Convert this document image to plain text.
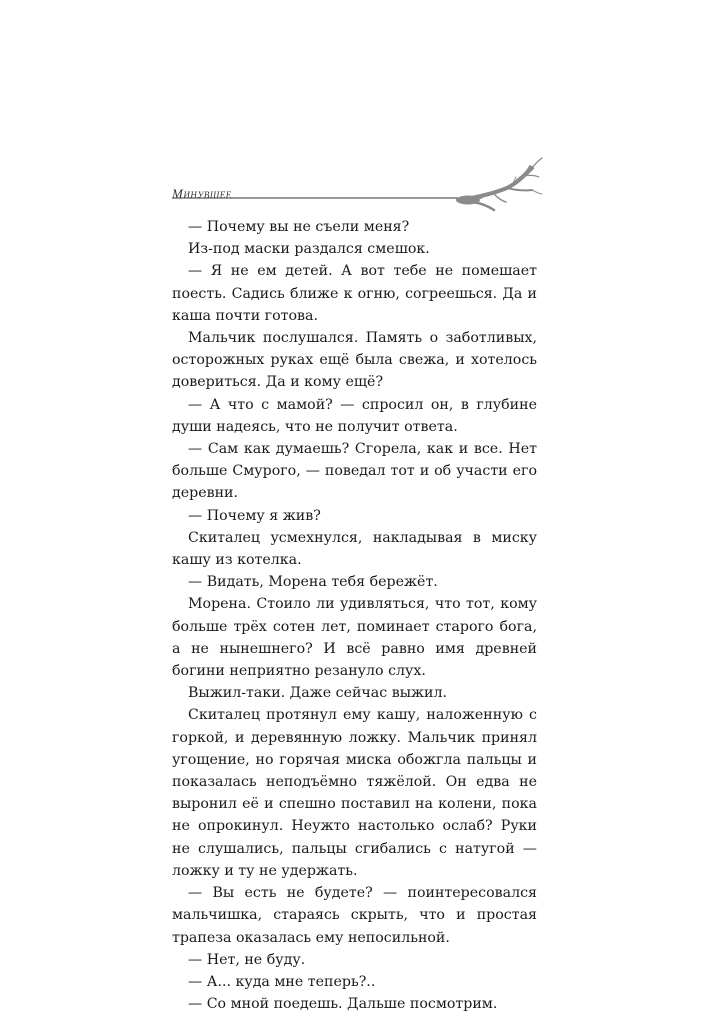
Минувшее

— Почему вы не съели меня?

Из-под маски раздался смешок.

— Я не ем детей. А вот тебе не помешает поесть. Садись ближе к огню, согреешься. Да и каша почти готова.

Мальчик послушался. Память о заботливых, осторожных руках ещё была свежа, и хотелось довериться. Да и кому ещё?

— А что с мамой? — спросил он, в глубине души надеясь, что не получит ответа.

— Сам как думаешь? Сгорела, как и все. Нет больше Смурого, — поведал тот и об участи его деревни.

— Почему я жив?

Скиталец усмехнулся, накладывая в миску кашу из котелка.

— Видать, Морена тебя бережёт.

Морена. Стоило ли удивляться, что тот, кому больше трёх сотен лет, поминает старого бога, а не нынешнего? И всё равно имя древней богини неприятно резануло слух.

Выжил-таки. Даже сейчас выжил.

Скиталец протянул ему кашу, наложенную с горкой, и деревянную ложку. Мальчик принял угощение, но горячая миска обожгла пальцы и показалась неподъёмно тяжёлой. Он едва не выронил её и спешно поставил на колени, пока не опрокинул. Неужто настолько ослаб? Руки не слушались, пальцы сгибались с натугой — ложку и ту не удержать.

— Вы есть не будете? — поинтересовался мальчишка, стараясь скрыть, что и простая трапеза оказалась ему непосильной.

— Нет, не буду.

— А... куда мне теперь?..

— Со мной поедешь. Дальше посмотрим.
